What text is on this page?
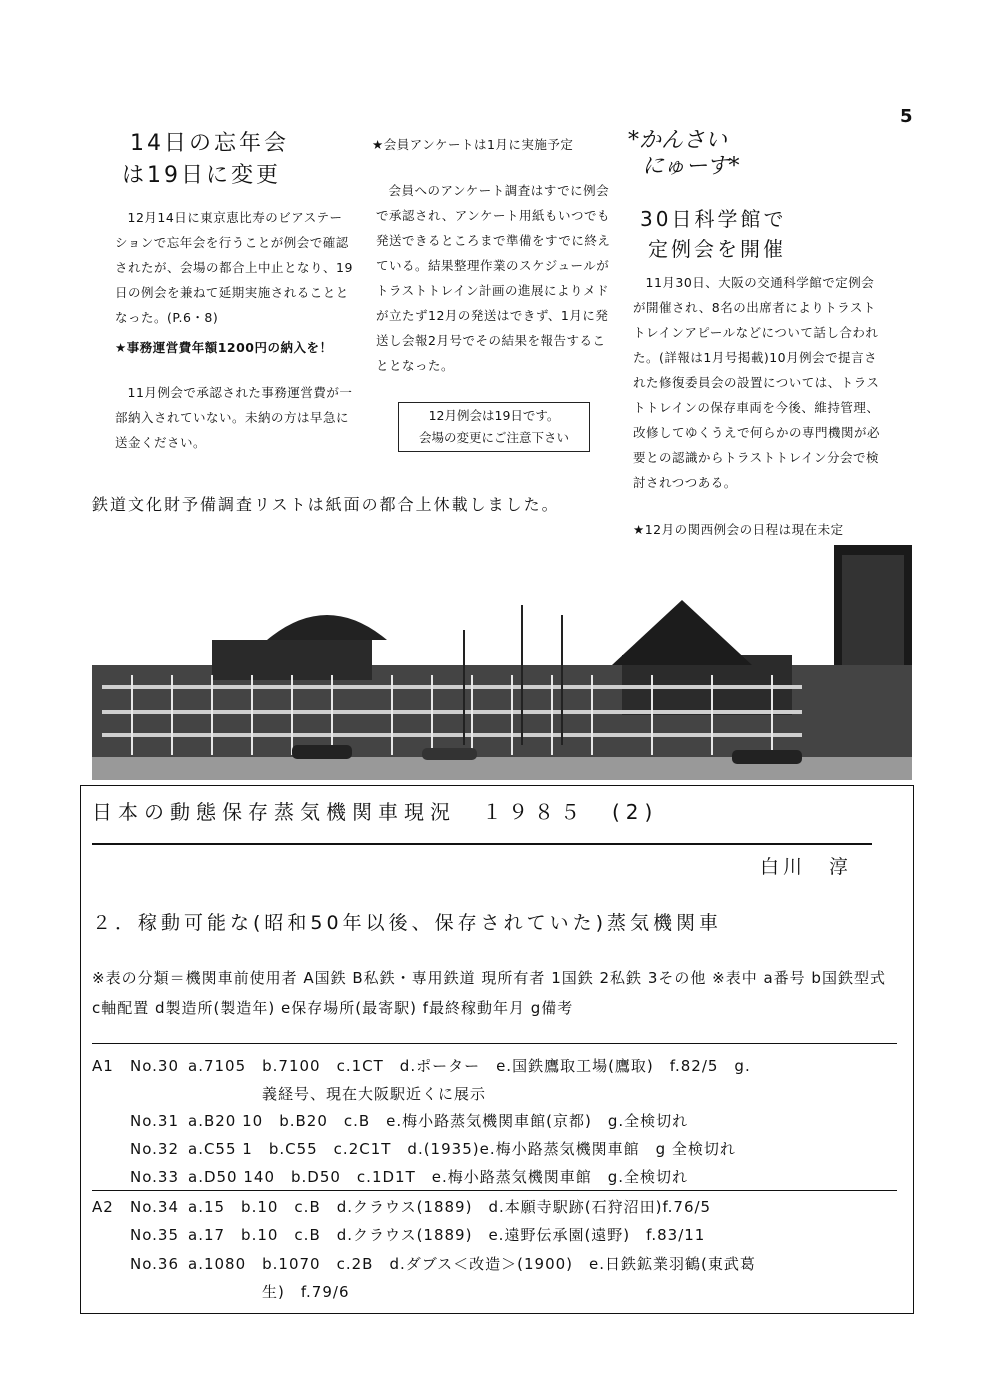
5
14日の忘年会
は19日に変更
12月14日に東京恵比寿のビアステーションで忘年会を行うことが例会で確認されたが、会場の都合上中止となり、19日の例会を兼ねて延期実施されることとなった。(P.6・8)
★事務運営費年額1200円の納入を！
11月例会で承認された事務運営費が一部納入されていない。未納の方は早急に送金ください。
★会員アンケートは1月に実施予定
会員へのアンケート調査はすでに例会で承認され、アンケート用紙もいつでも発送できるところまで準備をすでに終えている。結果整理作業のスケジュールがトラストトレイン計画の進展によりメドが立たず12月の発送はできず、1月に発送し会報2月号でその結果を報告することとなった。
12月例会は19日です。
会場の変更にご注意下さい
*かんさい
にゅーす*
30日科学館で
定例会を開催
11月30日、大阪の交通科学館で定例会が開催され、8名の出席者によりトラストトレインアピールなどについて話し合われた。(詳報は1月号掲載)10月例会で提言された修復委員会の設置については、トラストトレインの保存車両を今後、維持管理、改修してゆくうえで何らかの専門機関が必要との認識からトラストトレイン分会で検討されつつある。
★12月の関西例会の日程は現在未定
鉄道文化財予備調査リストは紙面の都合上休載しました。
日本の動態保存蒸気機関車現況　１９８５　(2)
白川　淳
２．稼動可能な(昭和50年以後、保存されていた)蒸気機関車
※表の分類＝機関車前使用者 A国鉄 B私鉄・専用鉄道 現所有者 1国鉄 2私鉄 3その他 ※表中 a番号 b国鉄型式 c軸配置 d製造所(製造年) e保存場所(最寄駅) f最終稼動年月 g備考
A1 No.30 a.7105　b.7100　c.1CT　d.ポーター　e.国鉄鷹取工場(鷹取)　f.82/5　g.
義経号、現在大阪駅近くに展示
No.31 a.B20 10　b.B20　c.B　e.梅小路蒸気機関車館(京都)　g.全検切れ
No.32 a.C55 1　b.C55　c.2C1T　d.(1935)e.梅小路蒸気機関車館　g 全検切れ
No.33 a.D50 140　b.D50　c.1D1T　e.梅小路蒸気機関車館　g.全検切れ
A2 No.34 a.15　b.10　c.B　d.クラウス(1889)　d.本願寺駅跡(石狩沼田)f.76/5
No.35 a.17　b.10　c.B　d.クラウス(1889)　e.遠野伝承園(遠野)　f.83/11
No.36 a.1080　b.1070　c.2B　d.ダブス＜改造＞(1900)　e.日鉄鉱業羽鶴(東武葛
生)　f.79/6
